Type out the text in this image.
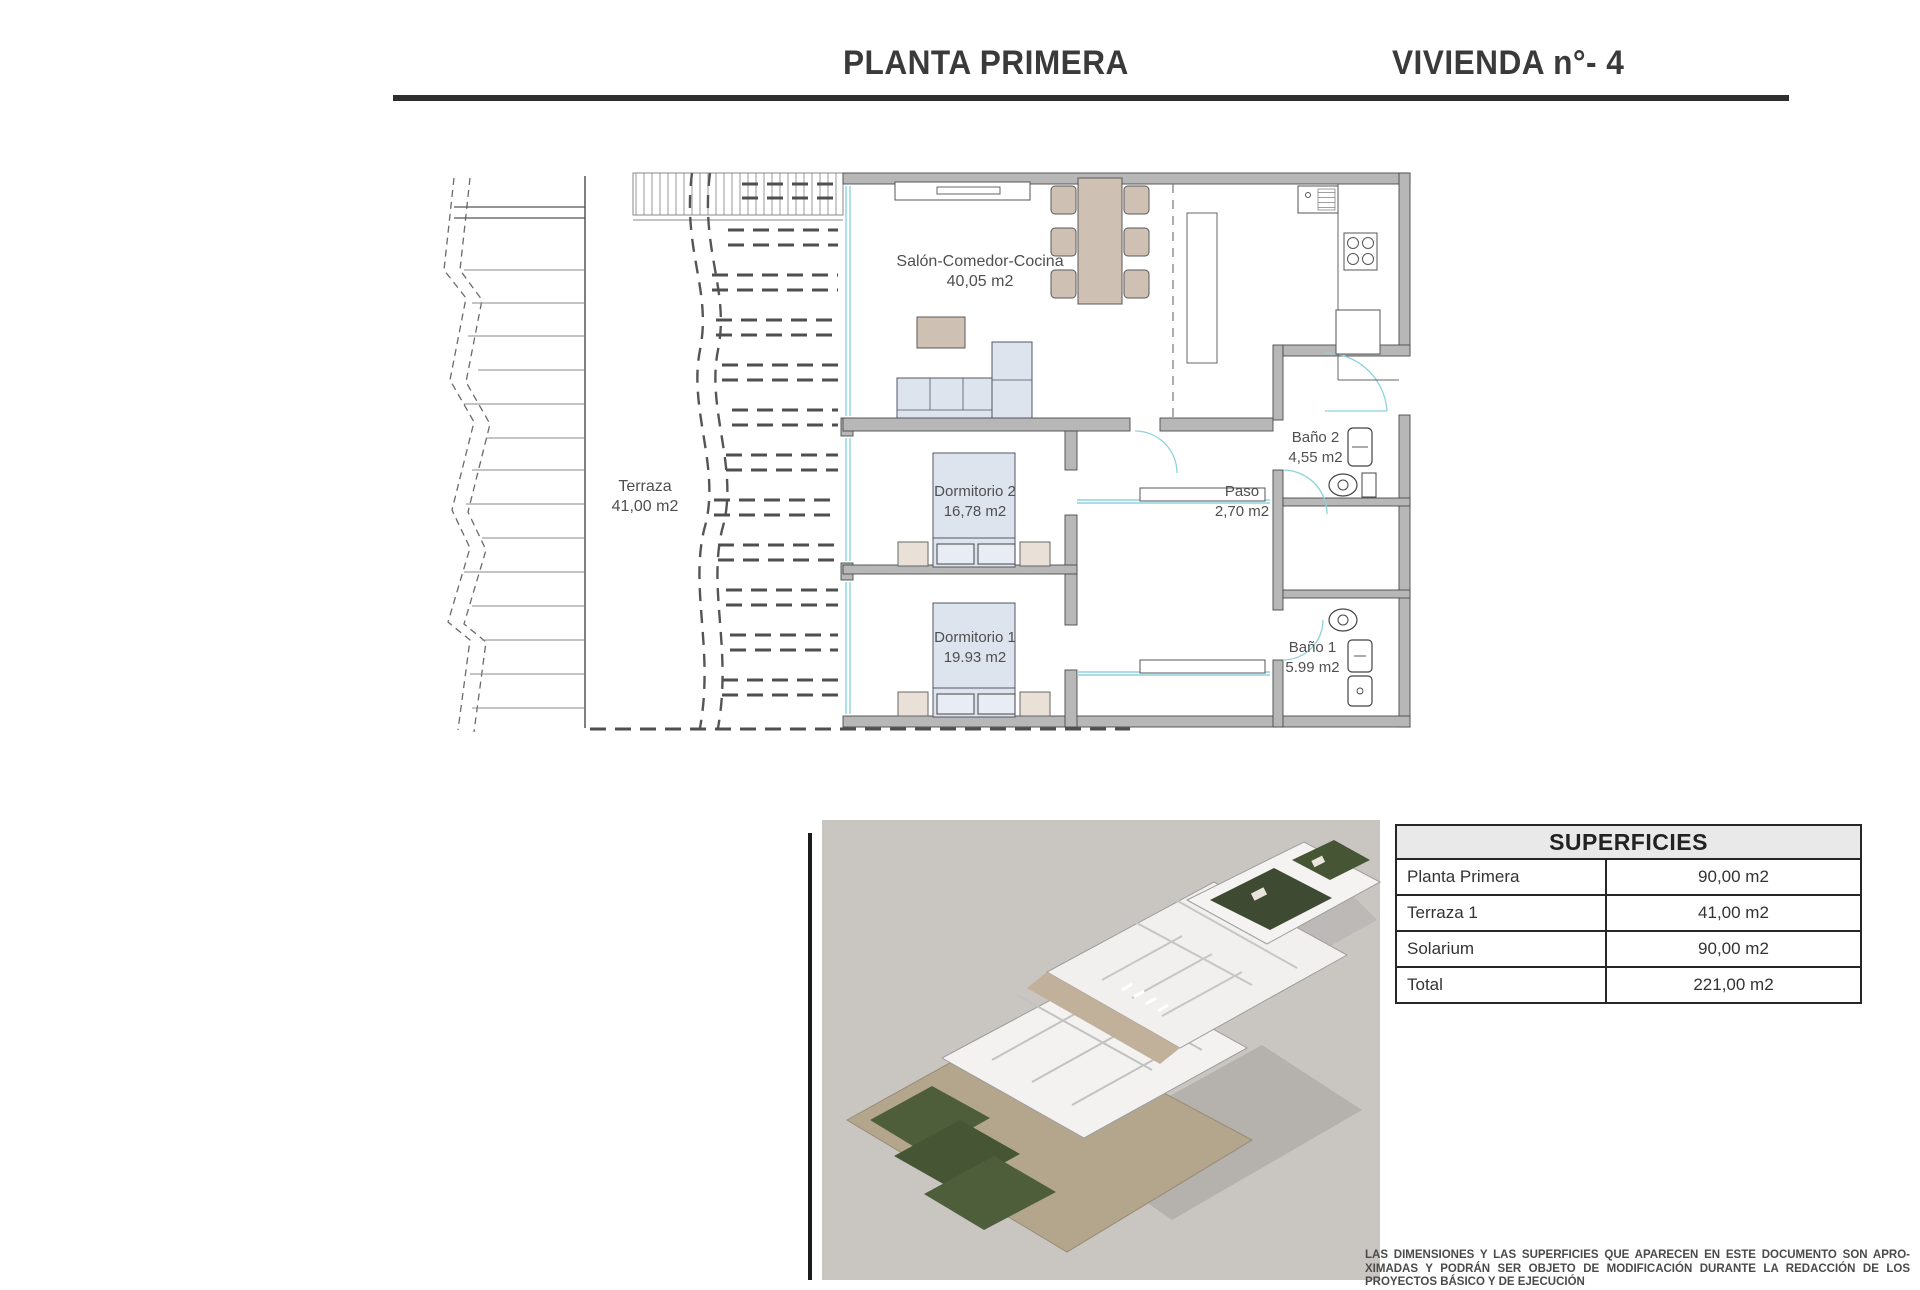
PLANTA PRIMERA	VIVIENDA n°- 4
Salón-Comedor-Cocina
40,05 m2
Terraza
41,00 m2
Dormitorio 2
16,78 m2
Dormitorio 1
19.93 m2
Paso
2,70 m2
Baño 2
4,55 m2
Baño 1
5.99 m2
SUPERFICIES	
Planta Primera	90,00 m2
Terraza 1	41,00 m2
Solarium	90,00 m2
Total	221,00 m2
LAS DIMENSIONES Y LAS SUPERFICIES QUE APARECEN EN ESTE DOCUMENTO SON APRO-
XIMADAS Y PODRÁN SER OBJETO DE MODIFICACIÓN DURANTE LA REDACCIÓN DE LOS
PROYECTOS BÁSICO Y DE EJECUCIÓN
